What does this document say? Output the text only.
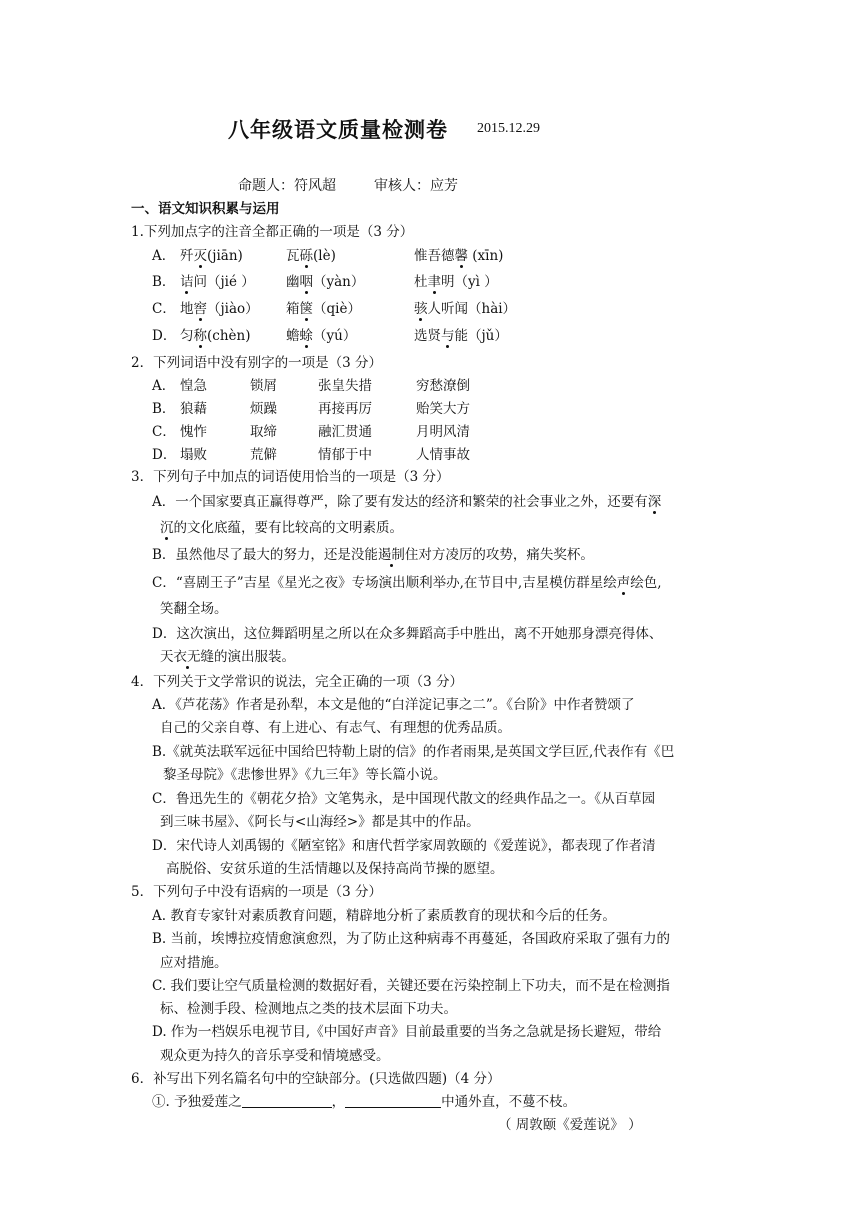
八年级语文质量检测卷 2015.12.29
命题人：符风超	审核人：应芳
一、语文知识积累与运用
1.下列加点字的注音全都正确的一项是（3 分）
A． 歼灭(jiān)	瓦砾(lè)	惟吾德馨 (xīn)
B． 诘问（jié ） 幽咽（yàn）	杜聿明（yì ）
C． 地窖（jiào） 箱箧（qiè）	骇人听闻（hài）
D． 匀称(chèn)	蟾蜍（yú）	选贤与能（jǔ）
2．下列词语中没有别字的一项是（3 分）
A． 惶急	锁屑	张皇失措	穷愁潦倒
B． 狼藉	烦躁	再接再厉	贻笑大方
C． 愧怍	取缔	融汇贯通	月明风清
D． 塌败	荒僻	情郁于中	人情事故
3．下列句子中加点的词语使用恰当的一项是（3 分）
A．一个国家要真正赢得尊严，除了要有发达的经济和繁荣的社会事业之外，还要有深
沉的文化底蕴，要有比较高的文明素质。
B．虽然他尽了最大的努力，还是没能遏制住对方凌厉的攻势，痛失奖杯。
C．“喜剧王子”吉星《星光之夜》专场演出顺利举办,在节目中,吉星模仿群星绘声绘色,
笑翻全场。
D．这次演出，这位舞蹈明星之所以在众多舞蹈高手中胜出，离不开她那身漂亮得体、
天衣无缝的演出服装。
4．下列关于文学常识的说法，完全正确的一项（3 分）
A．《芦花荡》作者是孙犁，本文是他的“白洋淀记事之二”。《台阶》中作者赞颂了
自己的父亲自尊、有上进心、有志气、有理想的优秀品质。
B.《就英法联军远征中国给巴特勒上尉的信》的作者雨果,是英国文学巨匠,代表作有《巴
黎圣母院》《悲惨世界》《九三年》等长篇小说。
C．鲁迅先生的《朝花夕拾》文笔隽永，是中国现代散文的经典作品之一。《从百草园
到三味书屋》、《阿长与<山海经>》都是其中的作品。
D．宋代诗人刘禹锡的《陋室铭》和唐代哲学家周敦颐的《爱莲说》，都表现了作者清
高脱俗、安贫乐道的生活情趣以及保持高尚节操的愿望。
5．下列句子中没有语病的一项是（3 分）
A. 教育专家针对素质教育问题，精辟地分析了素质教育的现状和今后的任务。
B. 当前，埃博拉疫情愈演愈烈，为了防止这种病毒不再蔓延，各国政府采取了强有力的
应对措施。
C. 我们要让空气质量检测的数据好看，关键还要在污染控制上下功夫，而不是在检测指
标、检测手段、检测地点之类的技术层面下功夫。
D. 作为一档娱乐电视节目,《中国好声音》目前最重要的当务之急就是扬长避短，带给
观众更为持久的音乐享受和情境感受。
6．补写出下列名篇名句中的空缺部分。(只选做四题)（4 分）
①. 予独爱莲之	，	中通外直，不蔓不枝。
（ 周敦颐《爱莲说》 ）
